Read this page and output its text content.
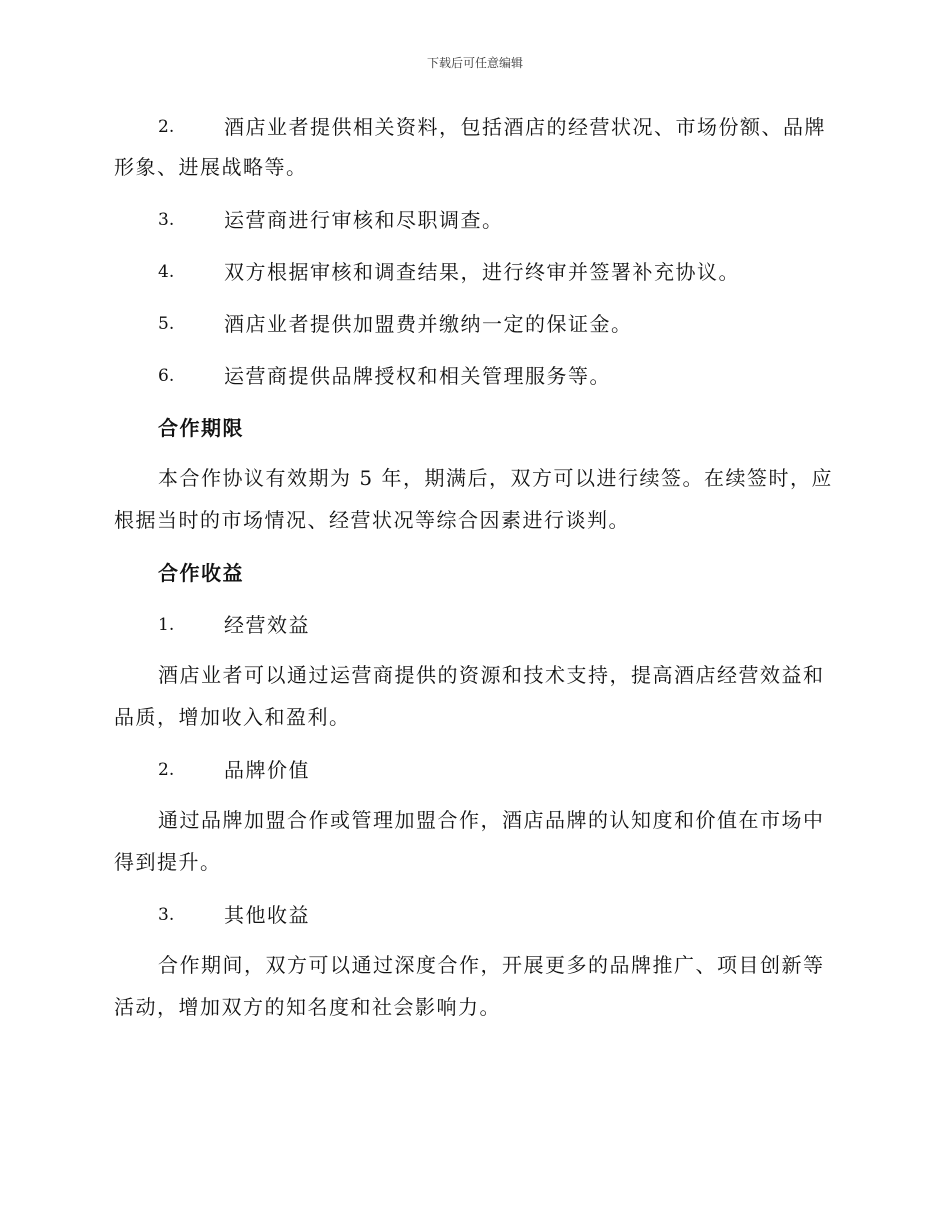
下载后可任意编辑
2.	酒店业者提供相关资料，包括酒店的经营状况、市场份额、品牌
形象、进展战略等。
3.	运营商进行审核和尽职调查。
4.	双方根据审核和调查结果，进行终审并签署补充协议。
5.	酒店业者提供加盟费并缴纳一定的保证金。
6.	运营商提供品牌授权和相关管理服务等。
合作期限
本合作协议有效期为 5 年，期满后，双方可以进行续签。在续签时，应
根据当时的市场情况、经营状况等综合因素进行谈判。
合作收益
1.	经营效益
酒店业者可以通过运营商提供的资源和技术支持，提高酒店经营效益和
品质，增加收入和盈利。
2.	品牌价值
通过品牌加盟合作或管理加盟合作，酒店品牌的认知度和价值在市场中
得到提升。
3.	其他收益
合作期间，双方可以通过深度合作，开展更多的品牌推广、项目创新等
活动，增加双方的知名度和社会影响力。
